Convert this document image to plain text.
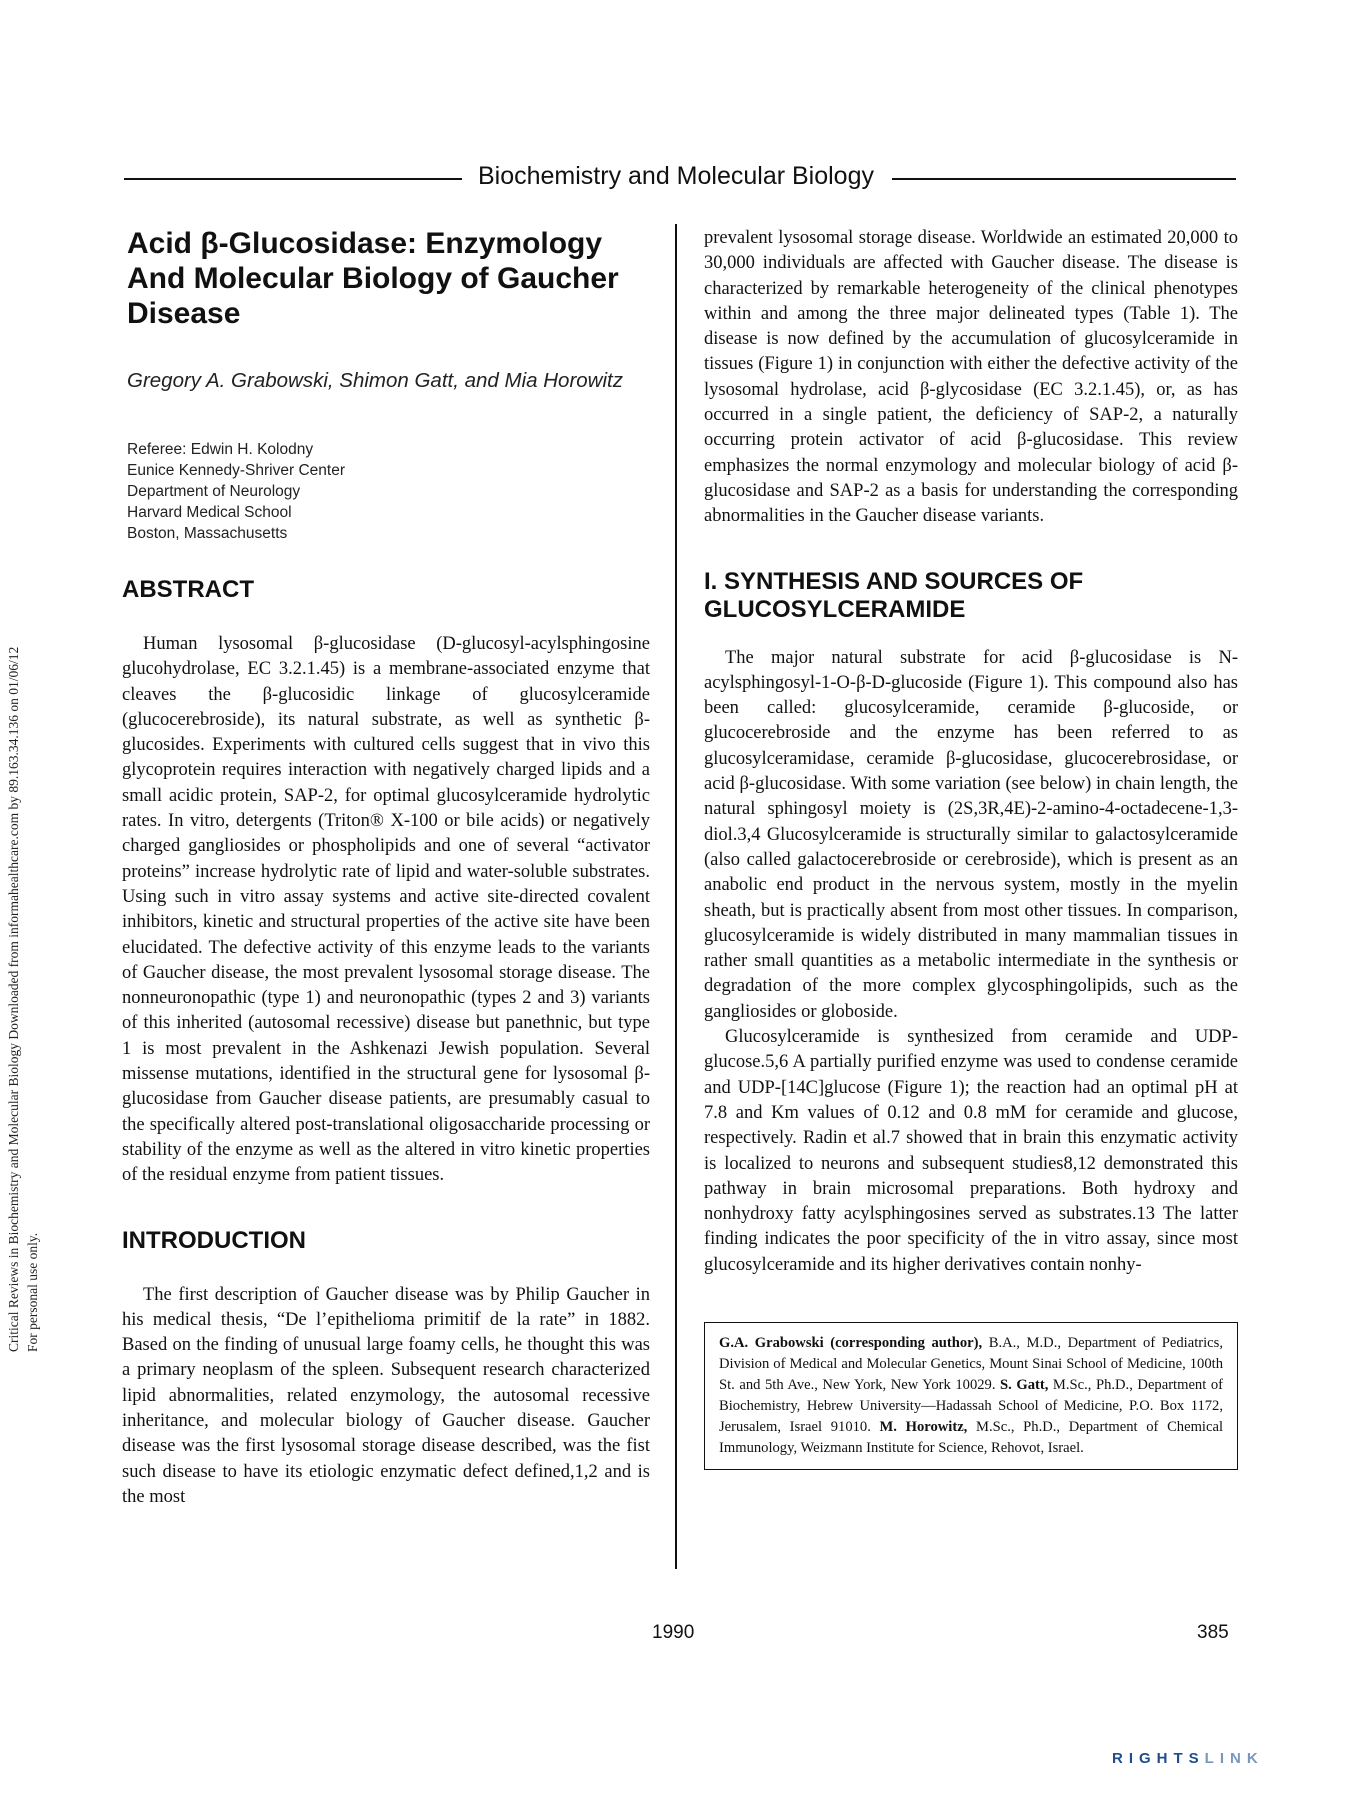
Critical Reviews in Biochemistry and Molecular Biology Downloaded from informahealthcare.com by 89.163.34.136 on 01/06/12 For personal use only.
Biochemistry and Molecular Biology
Acid β-Glucosidase: Enzymology And Molecular Biology of Gaucher Disease
Gregory A. Grabowski, Shimon Gatt, and Mia Horowitz
Referee: Edwin H. Kolodny
Eunice Kennedy-Shriver Center
Department of Neurology
Harvard Medical School
Boston, Massachusetts
ABSTRACT

Human lysosomal β-glucosidase (D-glucosyl-acylsphingosine glucohydrolase, EC 3.2.1.45) is a membrane-associated enzyme that cleaves the β-glucosidic linkage of glucosylceramide (glucocerebroside), its natural substrate, as well as synthetic β-glucosides. Experiments with cultured cells suggest that in vivo this glycoprotein requires interaction with negatively charged lipids and a small acidic protein, SAP-2, for optimal glucosylceramide hydrolytic rates. In vitro, detergents (Triton® X-100 or bile acids) or negatively charged gangliosides or phospholipids and one of several “activator proteins” increase hydrolytic rate of lipid and water-soluble substrates. Using such in vitro assay systems and active site-directed covalent inhibitors, kinetic and structural properties of the active site have been elucidated. The defective activity of this enzyme leads to the variants of Gaucher disease, the most prevalent lysosomal storage disease. The nonneuronopathic (type 1) and neuronopathic (types 2 and 3) variants of this inherited (autosomal recessive) disease but panethnic, but type 1 is most prevalent in the Ashkenazi Jewish population. Several missense mutations, identified in the structural gene for lysosomal β-glucosidase from Gaucher disease patients, are presumably casual to the specifically altered post-translational oligosaccharide processing or stability of the enzyme as well as the altered in vitro kinetic properties of the residual enzyme from patient tissues.

INTRODUCTION

The first description of Gaucher disease was by Philip Gaucher in his medical thesis, “De l’epithelioma primitif de la rate” in 1882. Based on the finding of unusual large foamy cells, he thought this was a primary neoplasm of the spleen. Subsequent research characterized lipid abnormalities, related enzymology, the autosomal recessive inheritance, and molecular biology of Gaucher disease. Gaucher disease was the first lysosomal storage disease described, was the fist such disease to have its etiologic enzymatic defect defined,1,2 and is the most

prevalent lysosomal storage disease. Worldwide an estimated 20,000 to 30,000 individuals are affected with Gaucher disease. The disease is characterized by remarkable heterogeneity of the clinical phenotypes within and among the three major delineated types (Table 1). The disease is now defined by the accumulation of glucosylceramide in tissues (Figure 1) in conjunction with either the defective activity of the lysosomal hydrolase, acid β-glycosidase (EC 3.2.1.45), or, as has occurred in a single patient, the deficiency of SAP-2, a naturally occurring protein activator of acid β-glucosidase. This review emphasizes the normal enzymology and molecular biology of acid β-glucosidase and SAP-2 as a basis for understanding the corresponding abnormalities in the Gaucher disease variants.

I. SYNTHESIS AND SOURCES OF GLUCOSYLCERAMIDE

The major natural substrate for acid β-glucosidase is N-acylsphingosyl-1-O-β-D-glucoside (Figure 1). This compound also has been called: glucosylceramide, ceramide β-glucoside, or glucocerebroside and the enzyme has been referred to as glucosylceramidase, ceramide β-glucosidase, glucocerebrosidase, or acid β-glucosidase. With some variation (see below) in chain length, the natural sphingosyl moiety is (2S,3R,4E)-2-amino-4-octadecene-1,3-diol.3,4 Glucosylceramide is structurally similar to galactosylceramide (also called galactocerebroside or cerebroside), which is present as an anabolic end product in the nervous system, mostly in the myelin sheath, but is practically absent from most other tissues. In comparison, glucosylceramide is widely distributed in many mammalian tissues in rather small quantities as a metabolic intermediate in the synthesis or degradation of the more complex glycosphingolipids, such as the gangliosides or globoside.

Glucosylceramide is synthesized from ceramide and UDP-glucose.5,6 A partially purified enzyme was used to condense ceramide and UDP-[14C]glucose (Figure 1); the reaction had an optimal pH at 7.8 and Km values of 0.12 and 0.8 mM for ceramide and glucose, respectively. Radin et al.7 showed that in brain this enzymatic activity is localized to neurons and subsequent studies8,12 demonstrated this pathway in brain microsomal preparations. Both hydroxy and nonhydroxy fatty acylsphingosines served as substrates.13 The latter finding indicates the poor specificity of the in vitro assay, since most glucosylceramide and its higher derivatives contain nonhy-

G.A. Grabowski (corresponding author), B.A., M.D., Department of Pediatrics, Division of Medical and Molecular Genetics, Mount Sinai School of Medicine, 100th St. and 5th Ave., New York, New York 10029. S. Gatt, M.Sc., Ph.D., Department of Biochemistry, Hebrew University—Hadassah School of Medicine, P.O. Box 1172, Jerusalem, Israel 91010. M. Horowitz, M.Sc., Ph.D., Department of Chemical Immunology, Weizmann Institute for Science, Rehovot, Israel.
1990	385
RIGHTSLINK
